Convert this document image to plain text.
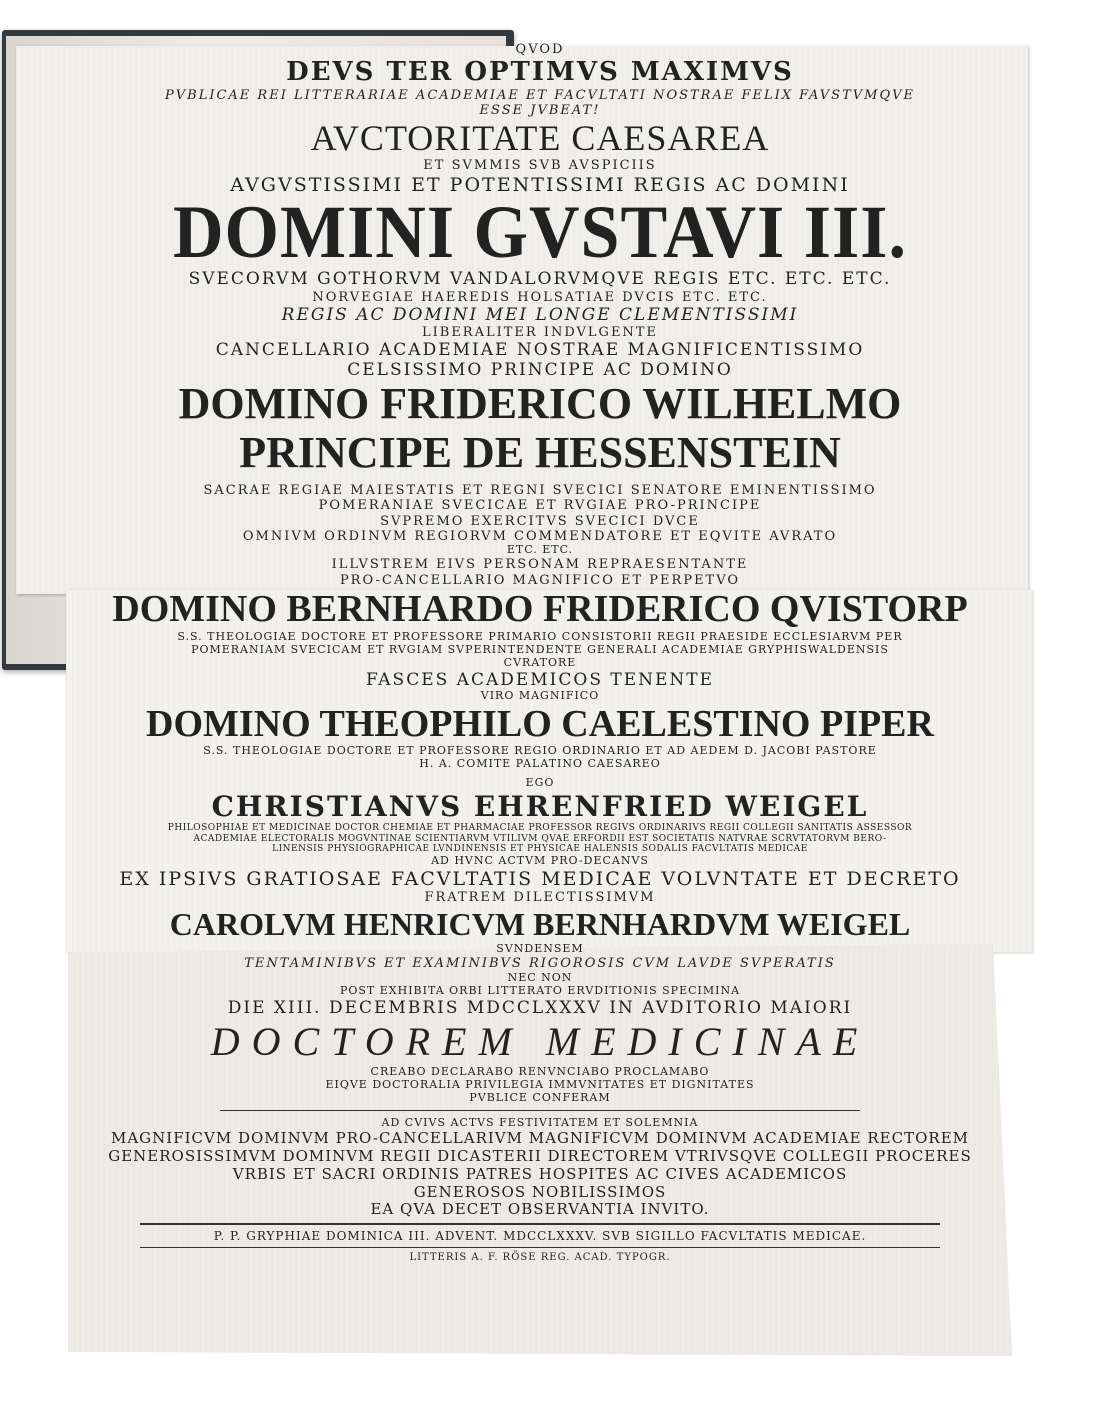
QVOD
DEVS TER OPTIMVS MAXIMVS
PVBLICAE REI LITTERARIAE ACADEMIAE ET FACVLTATI NOSTRAE FELIX FAVSTVMQVE
ESSE JVBEAT!
AVCTORITATE CAESAREA
ET SVMMIS SVB AVSPICIIS
AVGVSTISSIMI ET POTENTISSIMI REGIS AC DOMINI
DOMINI GVSTAVI III.
SVECORVM GOTHORVM VANDALORVMQVE REGIS ETC. ETC. ETC.
NORVEGIAE HAEREDIS HOLSATIAE DVCIS ETC. ETC.
REGIS AC DOMINI MEI LONGE CLEMENTISSIMI
LIBERALITER INDVLGENTE
CANCELLARIO ACADEMIAE NOSTRAE MAGNIFICENTISSIMO
CELSISSIMO PRINCIPE AC DOMINO
DOMINO FRIDERICO WILHELMO
PRINCIPE DE HESSENSTEIN
SACRAE REGIAE MAIESTATIS ET REGNI SVECICI SENATORE EMINENTISSIMO
POMERANIAE SVECICAE ET RVGIAE PRO-PRINCIPE
SVPREMO EXERCITVS SVECICI DVCE
OMNIVM ORDINVM REGIORVM COMMENDATORE ET EQVITE AVRATO
ETC. ETC.
ILLVSTREM EIVS PERSONAM REPRAESENTANTE
PRO-CANCELLARIO MAGNIFICO ET PERPETVO
DOMINO BERNHARDO FRIDERICO QVISTORP
S.S. THEOLOGIAE DOCTORE ET PROFESSORE PRIMARIO CONSISTORII REGII PRAESIDE ECCLESIARVM PER
POMERANIAM SVECICAM ET RVGIAM SVPERINTENDENTE GENERALI ACADEMIAE GRYPHISWALDENSIS
CVRATORE
FASCES ACADEMICOS TENENTE
VIRO MAGNIFICO
DOMINO THEOPHILO CAELESTINO PIPER
S.S. THEOLOGIAE DOCTORE ET PROFESSORE REGIO ORDINARIO ET AD AEDEM D. JACOBI PASTORE
H. A. COMITE PALATINO CAESAREO
EGO
CHRISTIANVS EHRENFRIED WEIGEL
PHILOSOPHIAE ET MEDICINAE DOCTOR CHEMIAE ET PHARMACIAE PROFESSOR REGIVS ORDINARIVS REGII COLLEGII SANITATIS ASSESSOR
ACADEMIAE ELECTORALIS MOGVNTINAE SCIENTIARVM VTILIVM QVAE ERFORDII EST SOCIETATIS NATVRAE SCRVTATORVM BERO-
LINENSIS PHYSIOGRAPHICAE LVNDINENSIS ET PHYSICAE HALENSIS SODALIS FACVLTATIS MEDICAE
AD HVNC ACTVM PRO-DECANVS
EX IPSIVS GRATIOSAE FACVLTATIS MEDICAE VOLVNTATE ET DECRETO
FRATREM DILECTISSIMVM
CAROLVM HENRICVM BERNHARDVM WEIGEL
SVNDENSEM
TENTAMINIBVS ET EXAMINIBVS RIGOROSIS CVM LAVDE SVPERATIS
NEC NON
POST EXHIBITA ORBI LITTERATO ERVDITIONIS SPECIMINA
DIE XIII. DECEMBRIS MDCCLXXXV IN AVDITORIO MAIORI
DOCTOREM MEDICINAE
CREABO DECLARABO RENVNCIABO PROCLAMABO
EIQVE DOCTORALIA PRIVILEGIA IMMVNITATES ET DIGNITATES
PVBLICE CONFERAM
AD CVIVS ACTVS FESTIVITATEM ET SOLEMNIA
MAGNIFICVM DOMINVM PRO-CANCELLARIVM MAGNIFICVM DOMINVM ACADEMIAE RECTOREM
GENEROSISSIMVM DOMINVM REGII DICASTERII DIRECTOREM VTRIVSQVE COLLEGII PROCERES
VRBIS ET SACRI ORDINIS PATRES HOSPITES AC CIVES ACADEMICOS
GENEROSOS NOBILISSIMOS
EA QVA DECET OBSERVANTIA INVITO.
P. P. GRYPHIAE DOMINICA III. ADVENT. MDCCLXXXV. SVB SIGILLO FACVLTATIS MEDICAE.
LITTERIS A. F. RÖSE REG. ACAD. TYPOGR.
